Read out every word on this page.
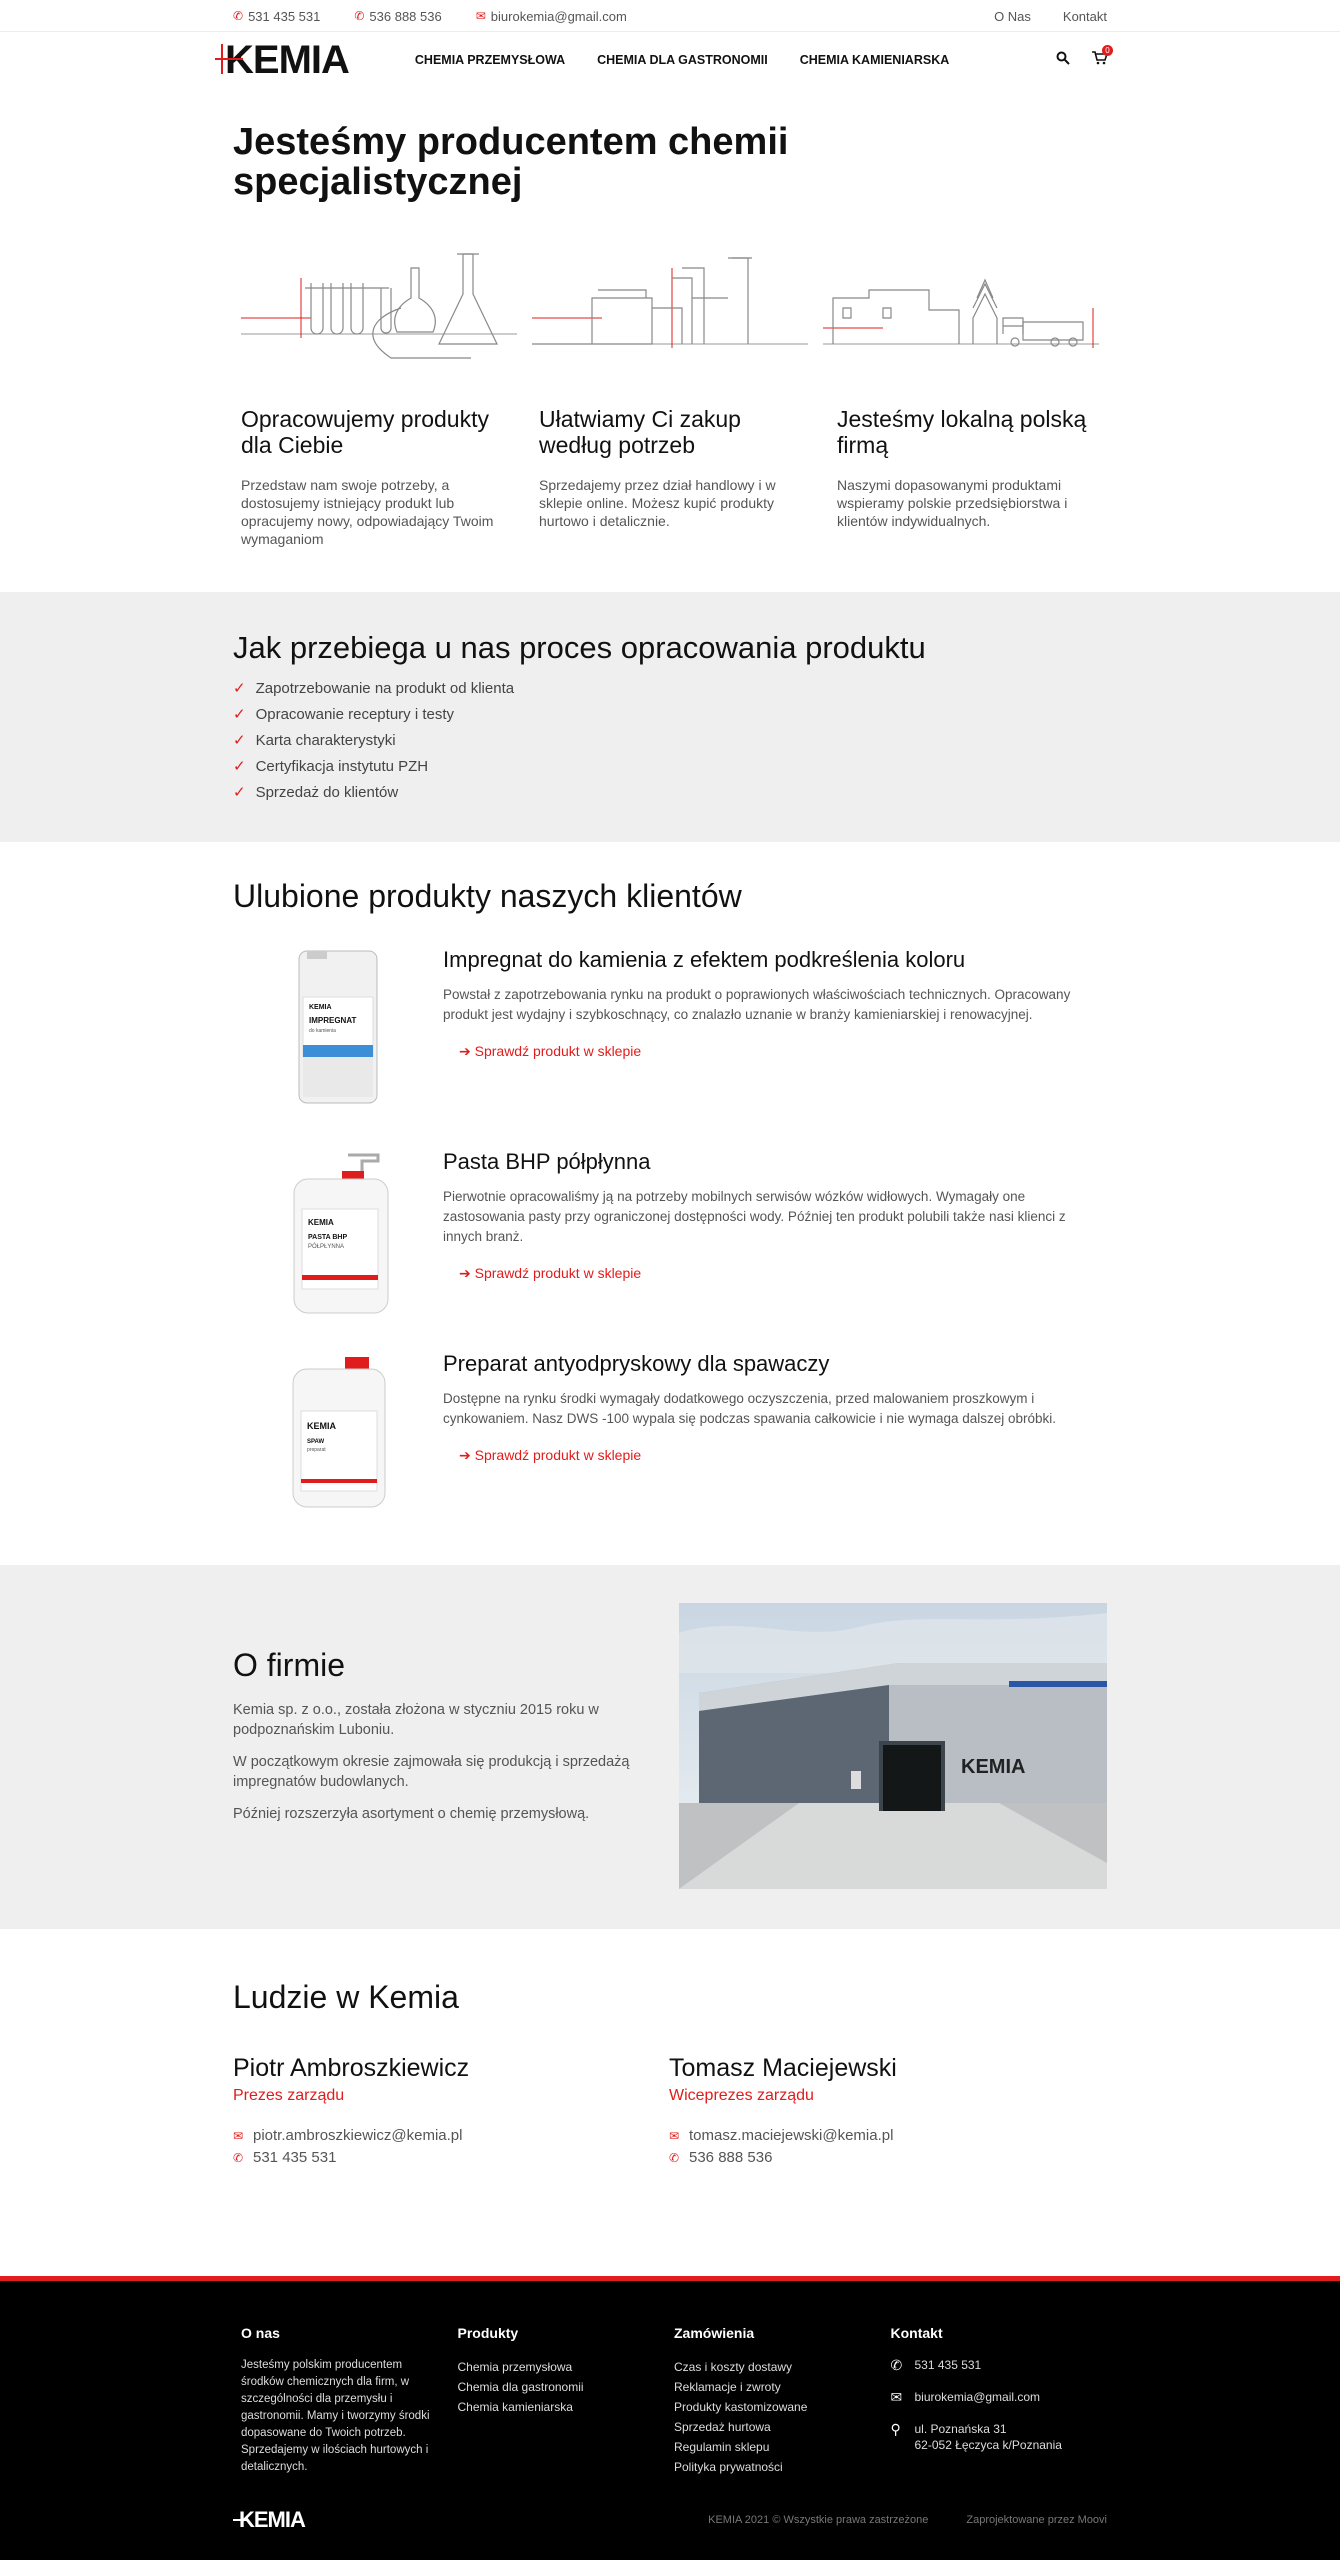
✆ 531 435 531	✆ 536 888 536	✉ biurokemia@gmail.com	O Nas Kontakt
KEMIA	CHEMIA PRZEMYSŁOWA	CHEMIA DLA GASTRONOMII	CHEMIA KAMIENIARSKA
0
Jesteśmy producentem chemii specjalistycznej
Opracowujemy produkty dla Ciebie

Przedstaw nam swoje potrzeby, a dostosujemy istniejący produkt lub opracujemy nowy, odpowiadający Twoim wymaganiom

Ułatwiamy Ci zakup według potrzeb

Sprzedajemy przez dział handlowy i w sklepie online. Możesz kupić produkty hurtowo i detalicznie.

Jesteśmy lokalną polską firmą

Naszymi dopasowanymi produktami wspieramy polskie przedsiębiorstwa i klientów indywidualnych.

Jak przebiega u nas proces opracowania produktu
✓ Zapotrzebowanie na produkt od klienta
✓ Opracowanie receptury i testy
✓ Karta charakterystyki
✓ Certyfikacja instytutu PZH
✓ Sprzedaż do klientów
Ulubione produkty naszych klientów
KEMIA
IMPREGNAT
do kamienia
Impregnat do kamienia z efektem podkreślenia koloru

Powstał z zapotrzebowania rynku na produkt o poprawionych właściwościach technicznych. Opracowany produkt jest wydajny i szybkoschnący, co znalazło uznanie w branży kamieniarskiej i renowacyjnej.

➔ Sprawdź produkt w sklepie
KEMIA
PASTA BHP
PÓŁPŁYNNA
Pasta BHP półpłynna

Pierwotnie opracowaliśmy ją na potrzeby mobilnych serwisów wózków widłowych. Wymagały one zastosowania pasty przy ograniczonej dostępności wody. Później ten produkt polubili także nasi klienci z innych branż.

➔ Sprawdź produkt w sklepie
KEMIA
SPAW
preparat
Preparat antyodpryskowy dla spawaczy

Dostępne na rynku środki wymagały dodatkowego oczyszczenia, przed malowaniem proszkowym i cynkowaniem. Nasz DWS -100 wypala się podczas spawania całkowicie i nie wymaga dalszej obróbki.

➔ Sprawdź produkt w sklepie
O firmie

Kemia sp. z o.o., została złożona w styczniu 2015 roku w podpoznańskim Luboniu.

W początkowym okresie zajmowała się produkcją i sprzedażą impregnatów budowlanych.

Później rozszerzyła asortyment o chemię przemysłową.

KEMIA
Ludzie w Kemia
Piotr Ambroszkiewicz
Prezes zarządu
✉ piotr.ambroszkiewicz@kemia.pl
✆ 531 435 531
Tomasz Maciejewski
Wiceprezes zarządu
✉ tomasz.maciejewski@kemia.pl
✆ 536 888 536
O nas

Jesteśmy polskim producentem środków chemicznych dla firm, w szczególności dla przemysłu i gastronomii. Mamy i tworzymy środki dopasowane do Twoich potrzeb. Sprzedajemy w ilościach hurtowych i detalicznych.

Produkty
Chemia przemysłowa
Chemia dla gastronomii
Chemia kamieniarska
Zamówienia
Czas i koszty dostawy
Reklamacje i zwroty
Produkty kastomizowane
Sprzedaż hurtowa
Regulamin sklepu
Polityka prywatności
Kontakt
✆	531 435 531
✉	biurokemia@gmail.com
⚲	ul. Poznańska 31
62-052 Łęczyca k/Poznania
KEMIA	KEMIA 2021 © Wszystkie prawa zastrzeżone	Zaprojektowane przez Moovi
